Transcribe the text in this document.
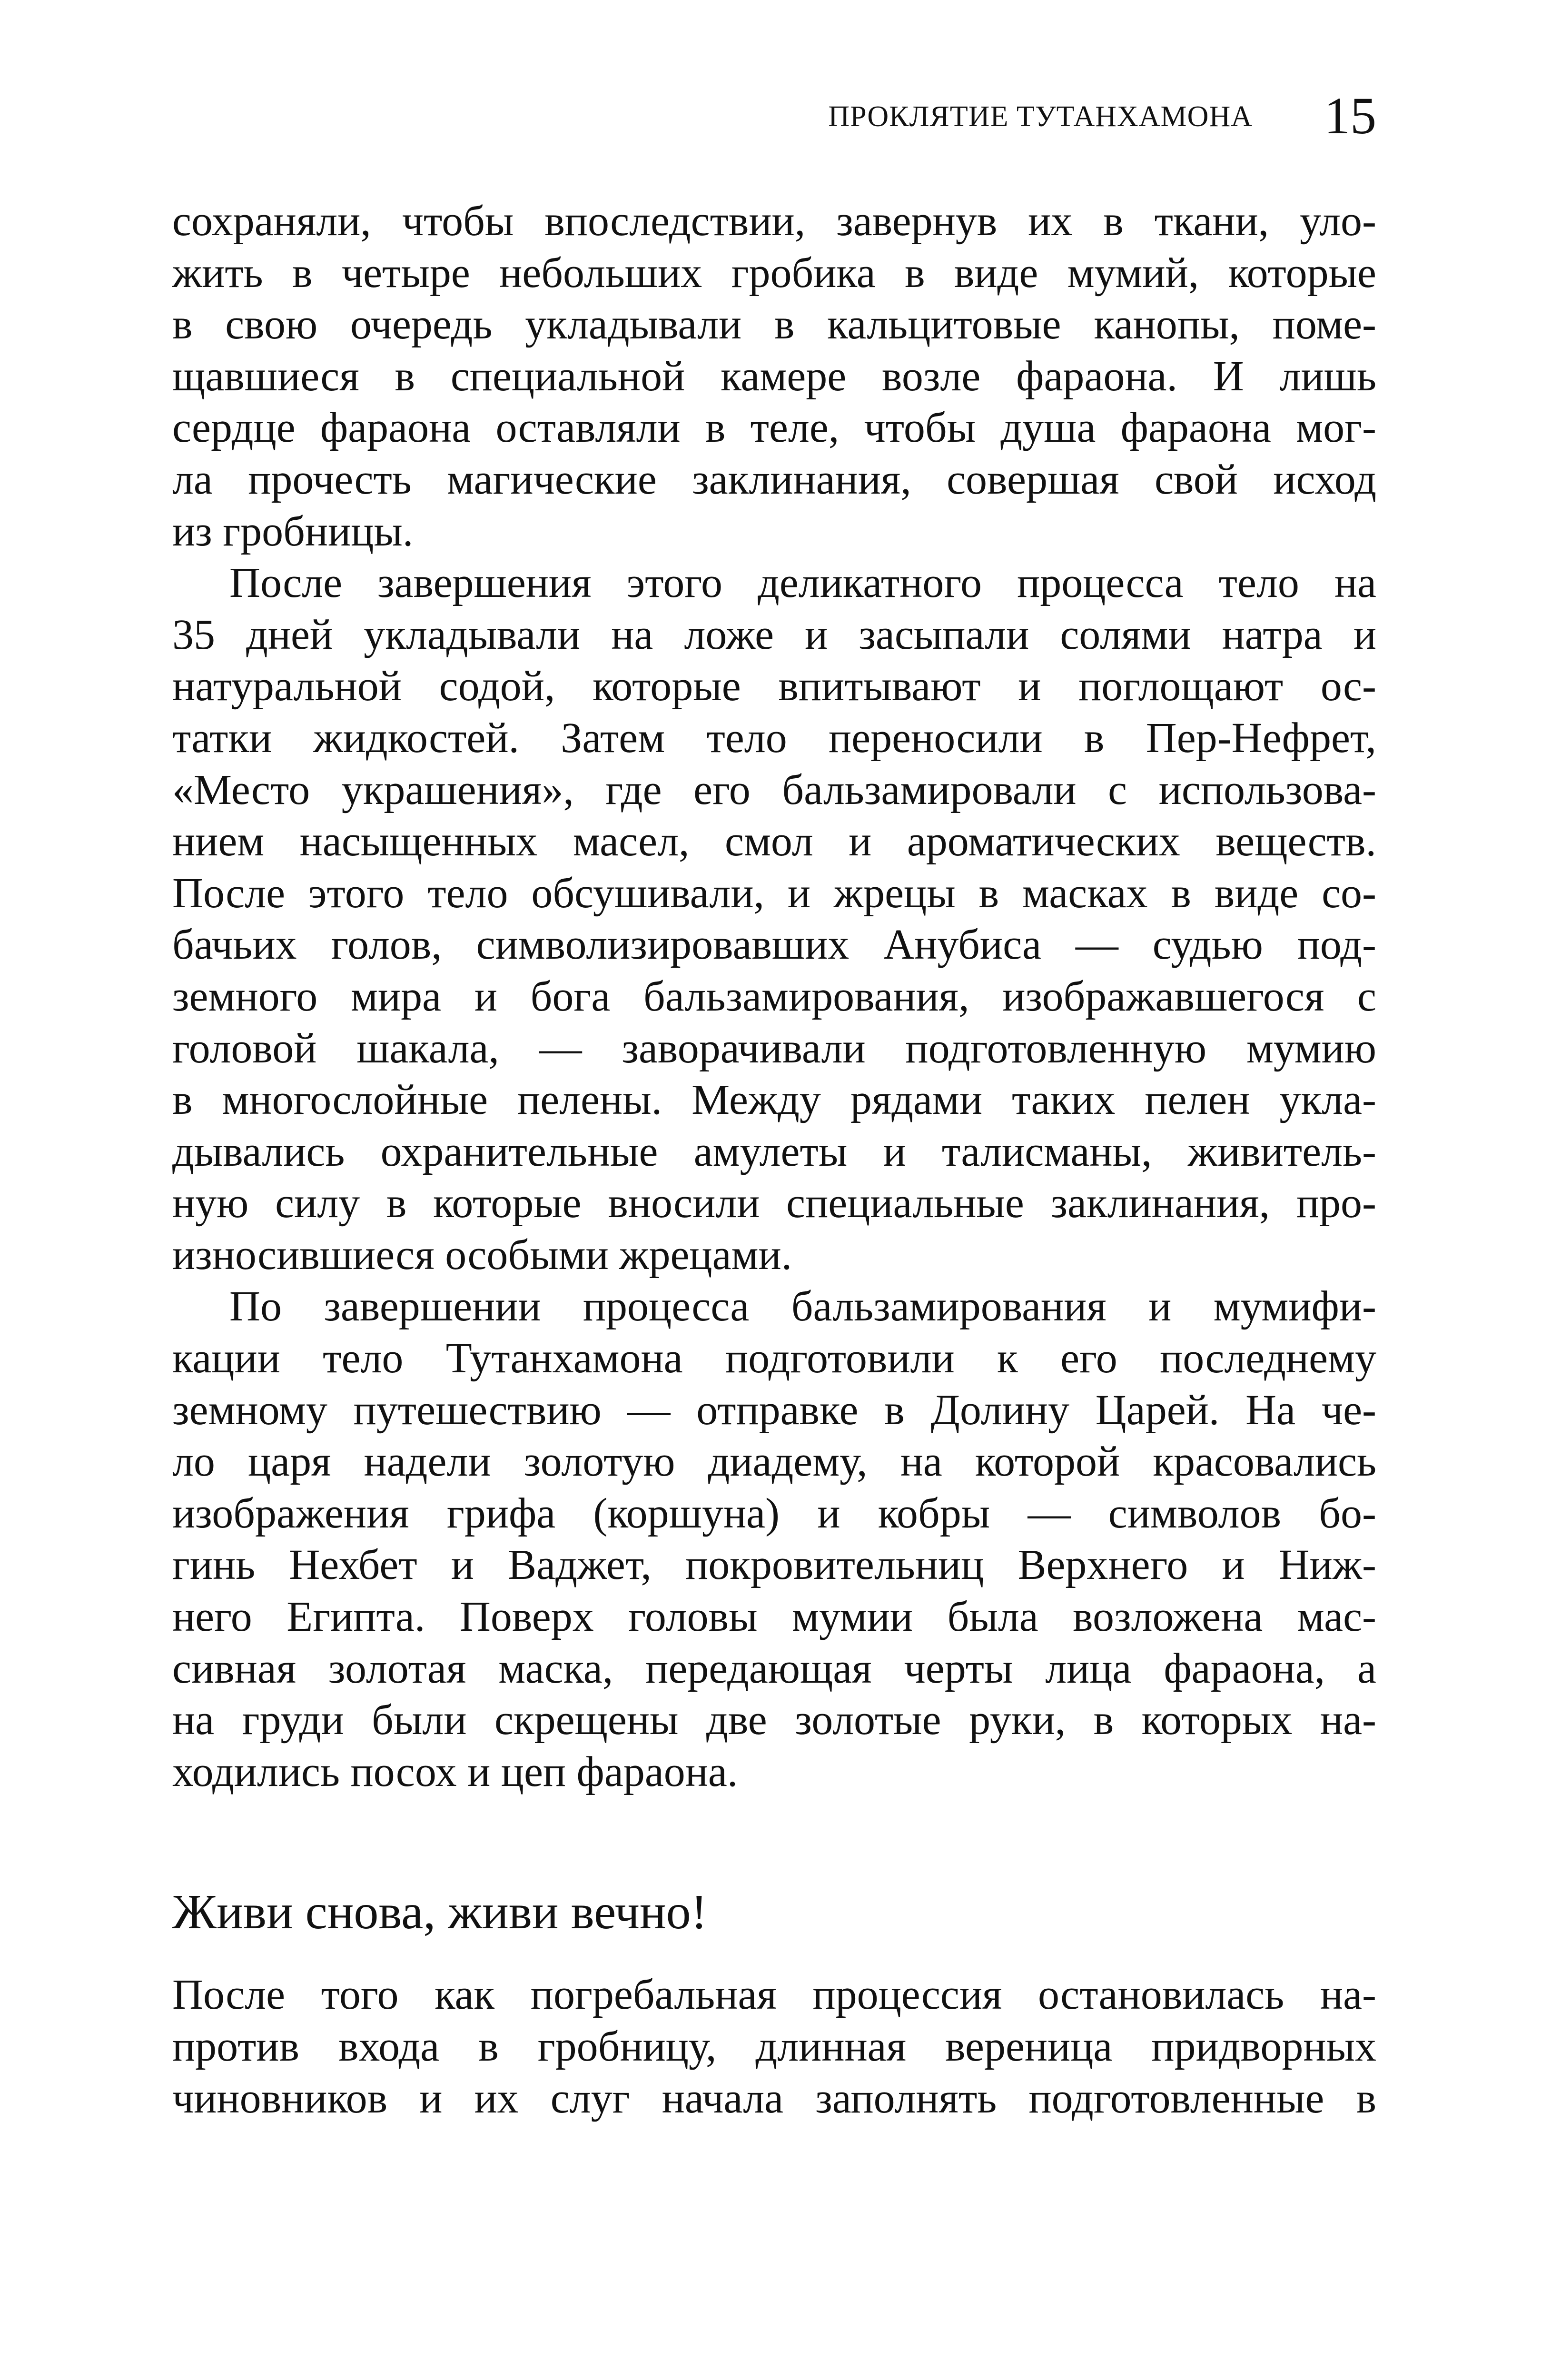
ПРОКЛЯТИЕ ТУТАНХАМОНА 15
сохраняли, чтобы впоследствии, завернув их в ткани, уло-
жить в четыре небольших гробика в виде мумий, которые
в свою очередь укладывали в кальцитовые канопы, поме-
щавшиеся в специальной камере возле фараона. И лишь
сердце фараона оставляли в теле, чтобы душа фараона мог-
ла прочесть магические заклинания, совершая свой исход
из гробницы.
После завершения этого деликатного процесса тело на
35 дней укладывали на ложе и засыпали солями натра и
натуральной содой, которые впитывают и поглощают ос-
татки жидкостей. Затем тело переносили в Пер-Нефрет,
«Место украшения», где его бальзамировали с использова-
нием насыщенных масел, смол и ароматических веществ.
После этого тело обсушивали, и жрецы в масках в виде со-
бачьих голов, символизировавших Анубиса — судью под-
земного мира и бога бальзамирования, изображавшегося с
головой шакала, — заворачивали подготовленную мумию
в многослойные пелены. Между рядами таких пелен укла-
дывались охранительные амулеты и талисманы, живитель-
ную силу в которые вносили специальные заклинания, про-
износившиеся особыми жрецами.
По завершении процесса бальзамирования и мумифи-
кации тело Тутанхамона подготовили к его последнему
земному путешествию — отправке в Долину Царей. На че-
ло царя надели золотую диадему, на которой красовались
изображения грифа (коршуна) и кобры — символов бо-
гинь Нехбет и Ваджет, покровительниц Верхнего и Ниж-
него Египта. Поверх головы мумии была возложена мас-
сивная золотая маска, передающая черты лица фараона, а
на груди были скрещены две золотые руки, в которых на-
ходились посох и цеп фараона.
Живи снова, живи вечно!
После того как погребальная процессия остановилась на-
против входа в гробницу, длинная вереница придворных
чиновников и их слуг начала заполнять подготовленные в
